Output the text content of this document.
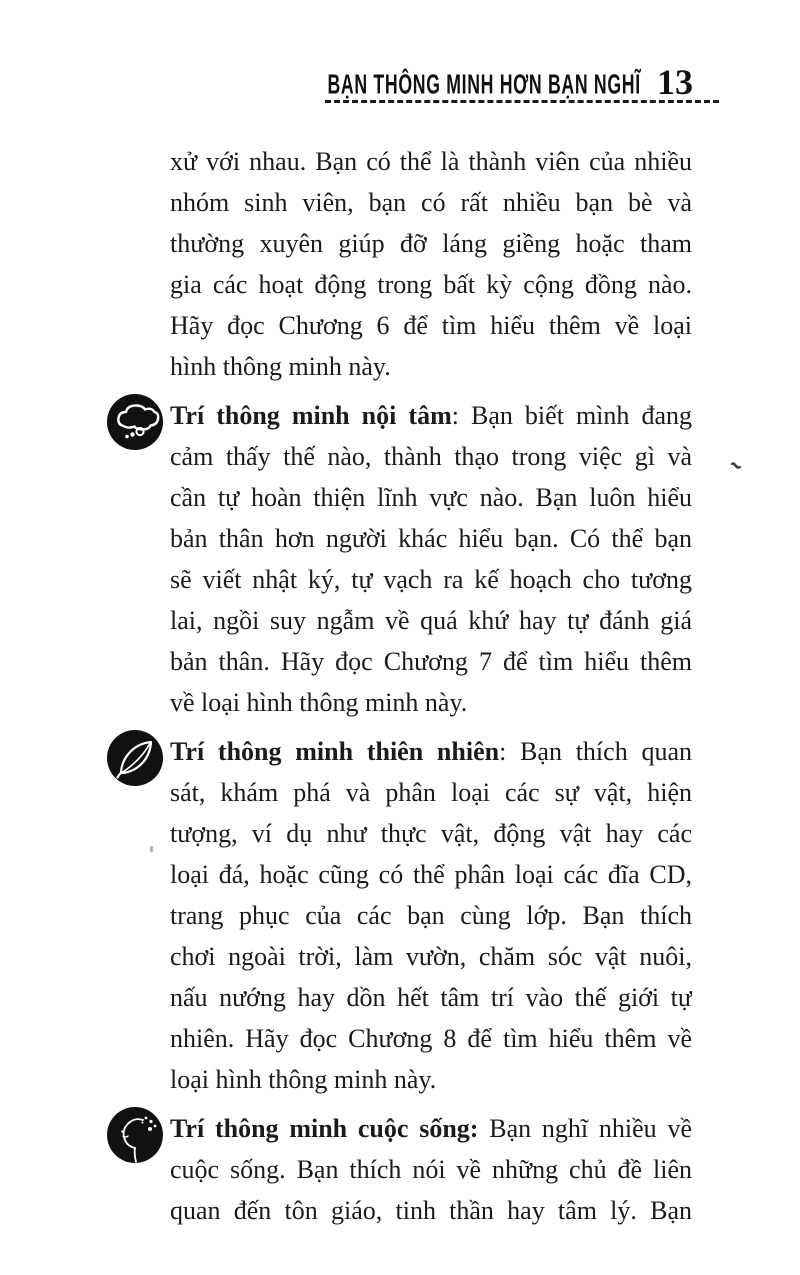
BẠN THÔNG MINH HƠN BẠN NGHĨ 13
xử với nhau. Bạn có thể là thành viên của nhiều
nhóm sinh viên, bạn có rất nhiều bạn bè và
thường xuyên giúp đỡ láng giềng hoặc tham
gia các hoạt động trong bất kỳ cộng đồng nào.
Hãy đọc Chương 6 để tìm hiểu thêm về loại
hình thông minh này.
Trí thông minh nội tâm: Bạn biết mình đang
cảm thấy thế nào, thành thạo trong việc gì và
cần tự hoàn thiện lĩnh vực nào. Bạn luôn hiểu
bản thân hơn người khác hiểu bạn. Có thể bạn
sẽ viết nhật ký, tự vạch ra kế hoạch cho tương
lai, ngồi suy ngẫm về quá khứ hay tự đánh giá
bản thân. Hãy đọc Chương 7 để tìm hiểu thêm
về loại hình thông minh này.
Trí thông minh thiên nhiên: Bạn thích quan
sát, khám phá và phân loại các sự vật, hiện
tượng, ví dụ như thực vật, động vật hay các
loại đá, hoặc cũng có thể phân loại các đĩa CD,
trang phục của các bạn cùng lớp. Bạn thích
chơi ngoài trời, làm vườn, chăm sóc vật nuôi,
nấu nướng hay dồn hết tâm trí vào thế giới tự
nhiên. Hãy đọc Chương 8 để tìm hiểu thêm về
loại hình thông minh này.
Trí thông minh cuộc sống: Bạn nghĩ nhiều về
cuộc sống. Bạn thích nói về những chủ đề liên
quan đến tôn giáo, tinh thần hay tâm lý. Bạn
